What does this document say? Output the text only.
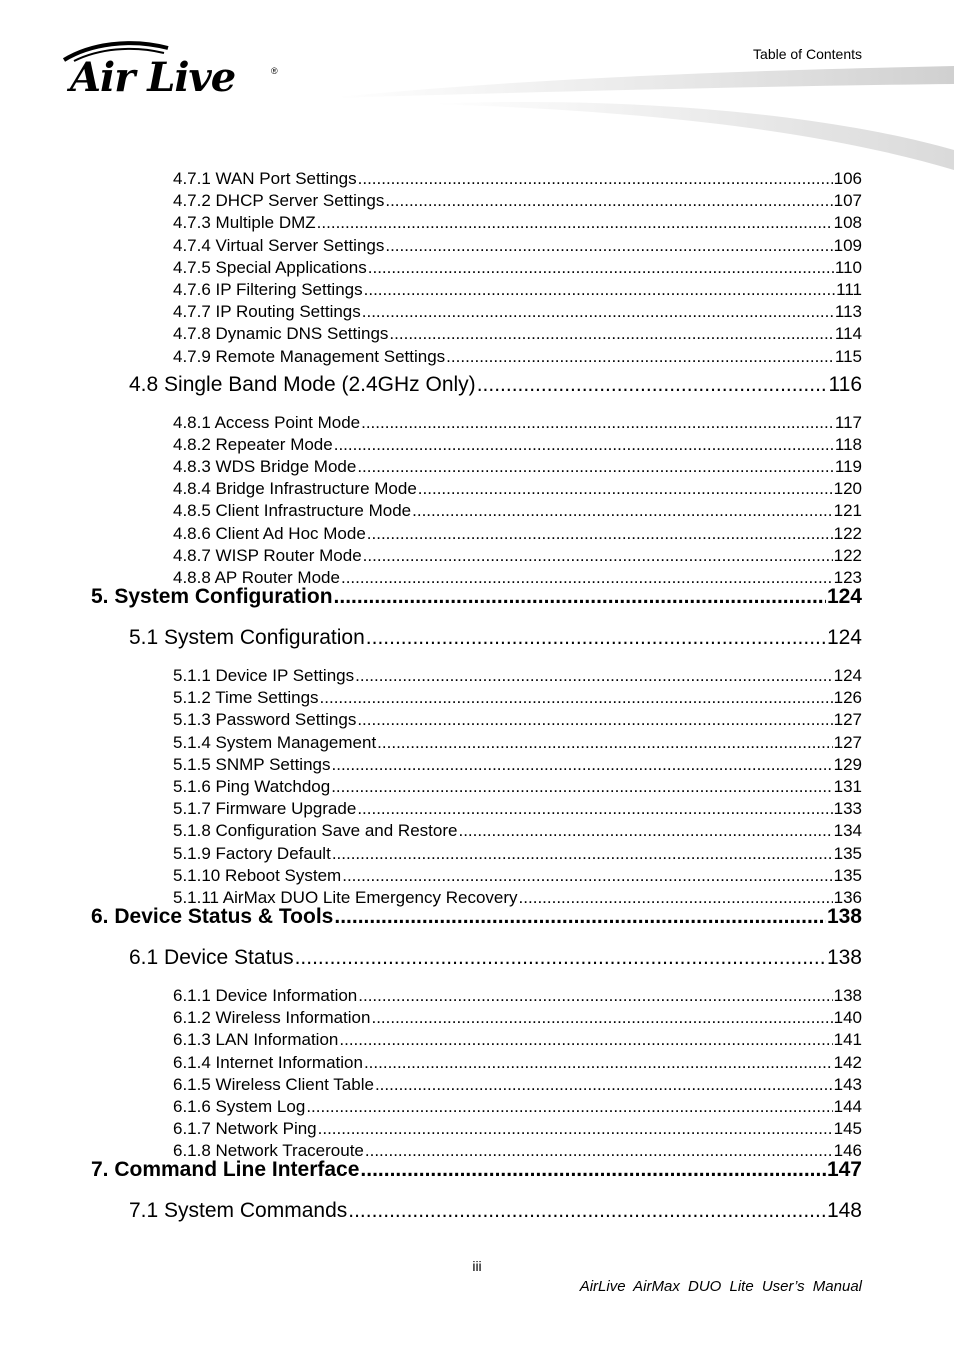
Air Live	®
Table of Contents
4.7.1 WAN Port Settings .....	106
4.7.2 DHCP Server Settings .....	107
4.7.3 Multiple DMZ .....	108
4.7.4 Virtual Server Settings .....	109
4.7.5 Special Applications .....	110
4.7.6 IP Filtering Settings .....	111
4.7.7 IP Routing Settings .....	113
4.7.8 Dynamic DNS Settings .....	114
4.7.9 Remote Management Settings .....	115
4.8 Single Band Mode (2.4GHz Only) .....	116
4.8.1 Access Point Mode .....	117
4.8.2 Repeater Mode .....	118
4.8.3 WDS Bridge Mode .....	119
4.8.4 Bridge Infrastructure Mode .....	120
4.8.5 Client Infrastructure Mode .....	121
4.8.6 Client Ad Hoc Mode .....	122
4.8.7 WISP Router Mode .....	122
4.8.8 AP Router Mode .....	123
5. System Configuration .....	124
5.1 System Configuration .....	124
5.1.1 Device IP Settings .....	124
5.1.2 Time Settings .....	126
5.1.3 Password Settings .....	127
5.1.4 System Management .....	127
5.1.5 SNMP Settings .....	129
5.1.6 Ping Watchdog .....	131
5.1.7 Firmware Upgrade .....	133
5.1.8 Configuration Save and Restore .....	134
5.1.9 Factory Default .....	135
5.1.10 Reboot System .....	135
5.1.11 AirMax DUO Lite Emergency Recovery .....	136
6. Device Status & Tools .....	138
6.1 Device Status .....	138
6.1.1 Device Information .....	138
6.1.2 Wireless Information .....	140
6.1.3 LAN Information .....	141
6.1.4 Internet Information .....	142
6.1.5 Wireless Client Table .....	143
6.1.6 System Log .....	144
6.1.7 Network Ping .....	145
6.1.8 Network Traceroute .....	146
7. Command Line Interface .....	147
7.1 System Commands .....	148
iii
AirLive AirMax DUO Lite User’s Manual
